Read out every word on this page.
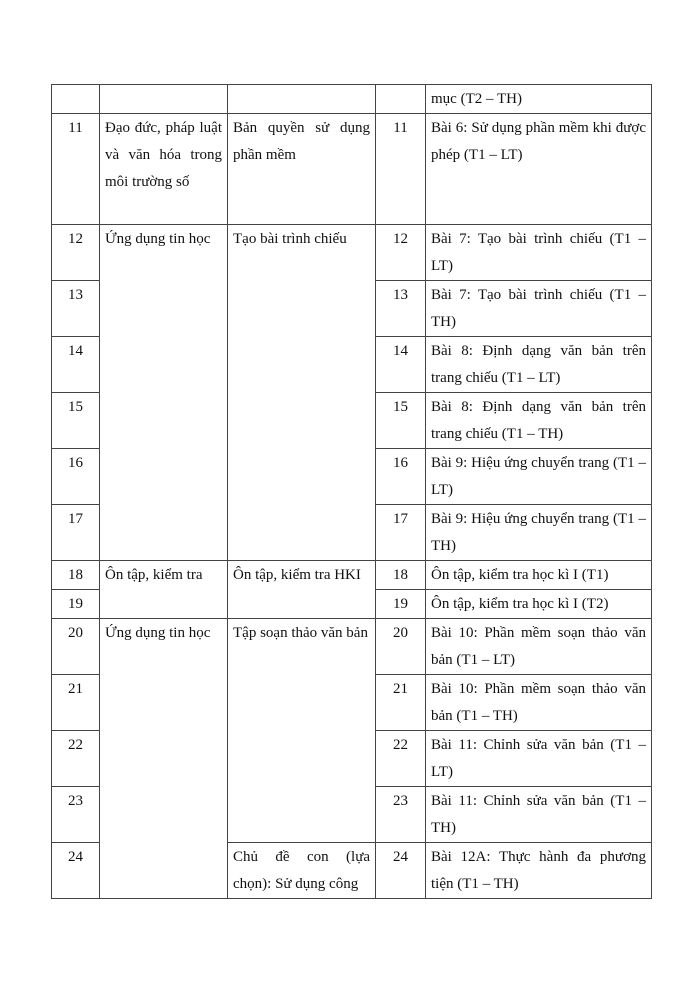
				mục (T2 – TH)
11	Đạo đức, pháp luật và văn hóa trong môi trường số	Bản quyền sử dụng phần mềm	11	Bài 6: Sử dụng phần mềm khi được phép (T1 – LT)
12	Ứng dụng tin học	Tạo bài trình chiếu	12	Bài 7: Tạo bài trình chiếu (T1 – LT)
13			13	Bài 7: Tạo bài trình chiếu (T1 – TH)
14			14	Bài 8: Định dạng văn bản trên trang chiếu (T1 – LT)
15			15	Bài 8: Định dạng văn bản trên trang chiếu (T1 – TH)
16			16	Bài 9: Hiệu ứng chuyển trang (T1 – LT)
17			17	Bài 9: Hiệu ứng chuyển trang (T1 – TH)
18	Ôn tập, kiểm tra	Ôn tập, kiểm tra HKI	18	Ôn tập, kiểm tra học kì I (T1)
19			19	Ôn tập, kiểm tra học kì I (T2)
20	Ứng dụng tin học	Tập soạn thảo văn bản	20	Bài 10: Phần mềm soạn thảo văn bản (T1 – LT)
21			21	Bài 10: Phần mềm soạn thảo văn bản (T1 – TH)
22			22	Bài 11: Chỉnh sửa văn bản (T1 – LT)
23			23	Bài 11: Chỉnh sửa văn bản (T1 – TH)
24		Chủ đề con (lựa chọn): Sử dụng công	24	Bài 12A: Thực hành đa phương tiện (T1 – TH)
